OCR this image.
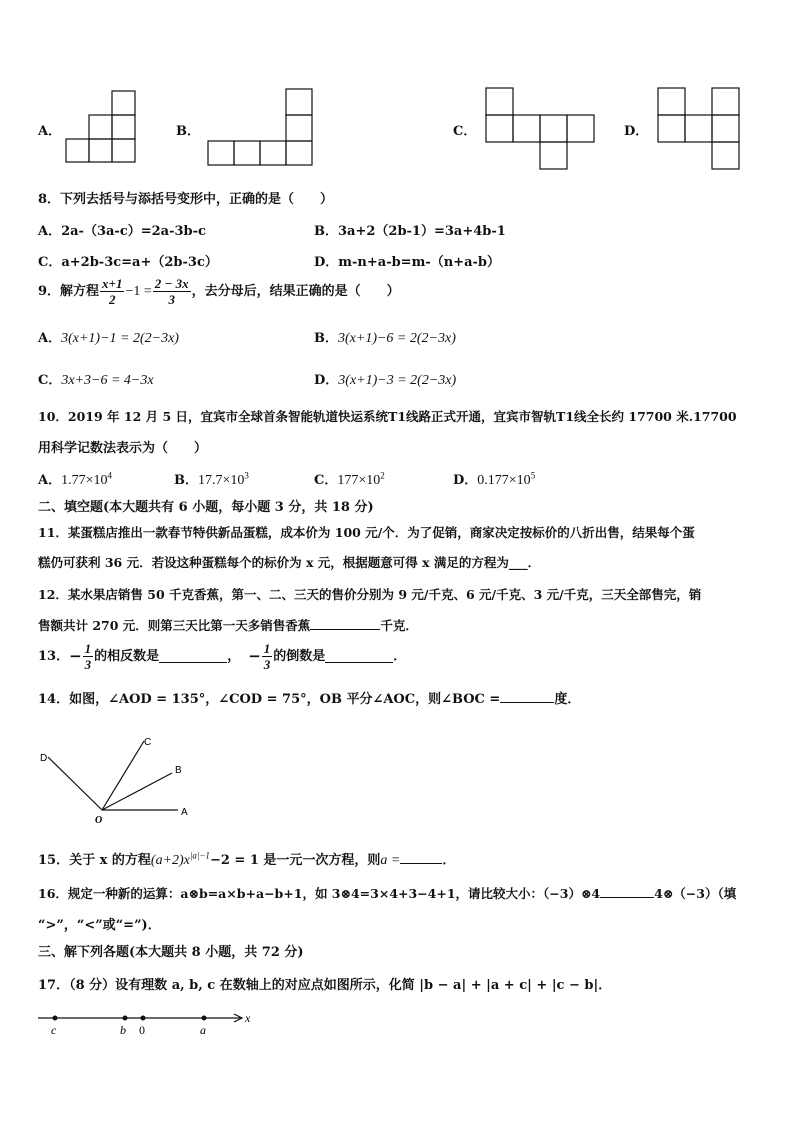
A．	B．	C．	D．
8．下列去括号与添括号变形中，正确的是（　　）
A．2a-（3a-c）=2a-3b-c	B．3a+2（2b-1）=3a+4b-1
C．a+2b-3c=a+（2b-3c）	D．m-n+a-b=m-（n+a-b）
9．解方程 $\frac{x+1}{2} -1 = \frac{2 - 3x}{3}$ ，去分母后，结果正确的是（　　）
A．3(x+1)−1 = 2(2−3x)	B．3(x+1)−6 = 2(2−3x)
C．3x+3−6 = 4−3x	D．3(x+1)−3 = 2(2−3x)
10．2019 年 12 月 5 日，宜宾市全球首条智能轨道快运系统T1线路正式开通，宜宾市智轨T1线全长约 17700 米.17700
用科学记数法表示为（　　）
A．$1.77\times 10^4$	B．$17.7\times 10^3$	C．$177\times 10^2$	D．$0.177\times 10^5$
二、填空题(本大题共有 6 小题，每小题 3 分，共 18 分)
11．某蛋糕店推出一款春节特供新品蛋糕，成本价为 100 元/个．为了促销，商家决定按标价的八折出售，结果每个蛋
糕仍可获利 36 元．若设这种蛋糕每个的标价为 x 元，根据题意可得 x 满足的方程为___．
12．某水果店销售 50 千克香蕉，第一、二、三天的售价分别为 9 元/千克、6 元/千克、3 元/千克，三天全部售完，销
售额共计 270 元．则第三天比第一天多销售香蕉	千克．
13．− $\frac{1}{3}$ 的相反数是	， − $\frac{1}{3}$ 的倒数是	．
14．如图，∠AOD = 135°，∠COD = 75°，OB 平分∠AOC，则∠BOC =	度．
D
C
B
A
O
15．关于 x 的方程$(a+2)x^{|a|-1}-2 = 1$ 是一元一次方程，则a =	．
16．规定一种新的运算：a⊗b=a×b+a−b+1，如 3⊗4=3×4+3−4+1，请比较大小：（−3）⊗4	4⊗（−3）（填
“>”，“<”或“=”)．
三、解下列各题(本大题共 8 小题，共 72 分)
17．（8 分）设有理数 a, b, c 在数轴上的对应点如图所示，化简 |b − a| + |a + c| + |c − b|．
c	b 0	a
x
